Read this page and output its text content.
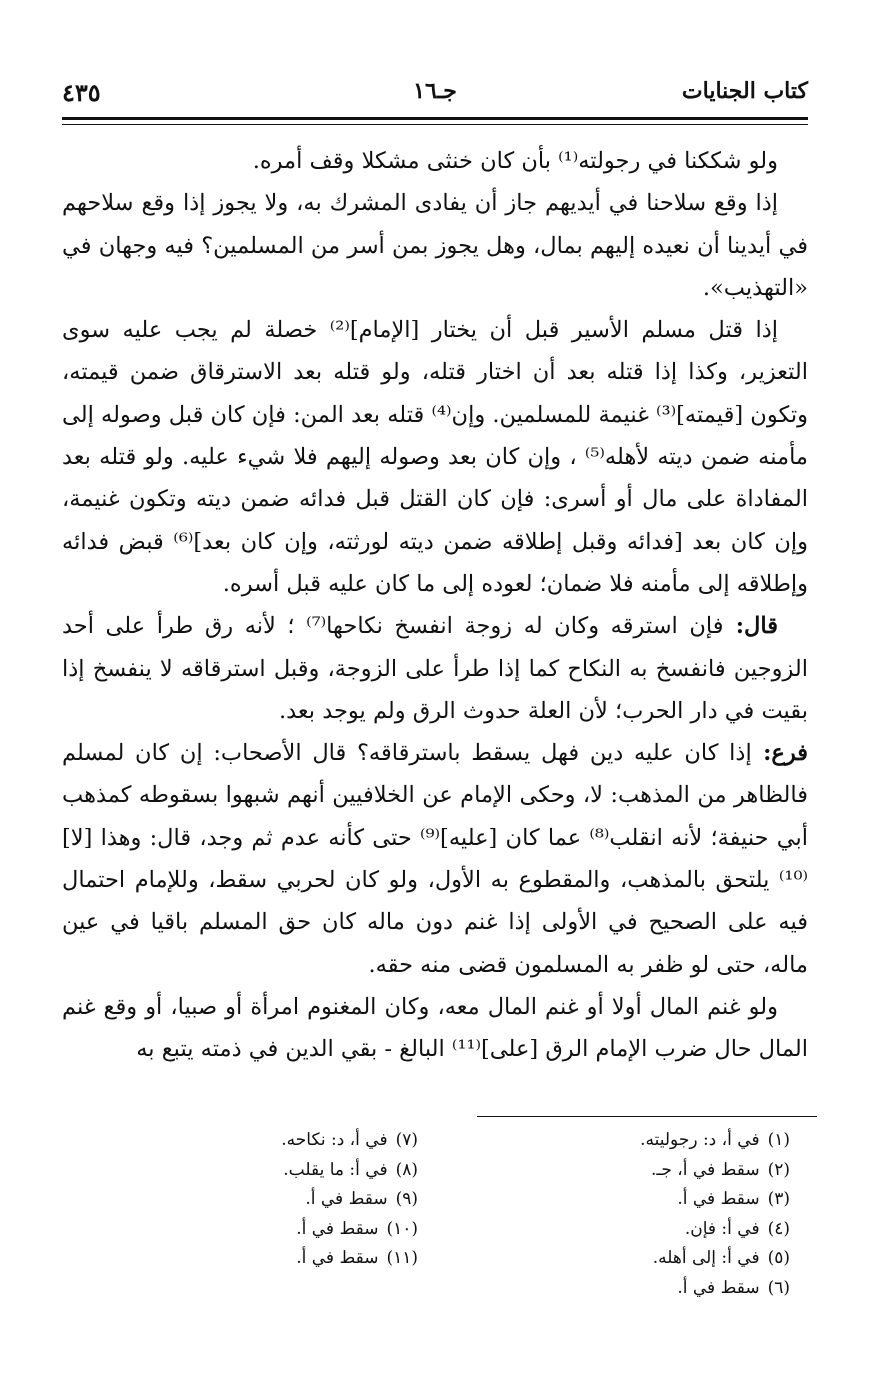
كتاب الجنايات
جـ١٦
٤٣٥

ولو شككنا في رجولته⁽¹⁾ بأن كان خنثى مشكلا وقف أمره.

إذا وقع سلاحنا في أيديهم جاز أن يفادى المشرك به، ولا يجوز إذا وقع سلاحهم في أيدينا أن نعيده إليهم بمال، وهل يجوز بمن أسر من المسلمين؟ فيه وجهان في «التهذيب».

إذا قتل مسلم الأسير قبل أن يختار [الإمام]⁽²⁾ خصلة لم يجب عليه سوى التعزير، وكذا إذا قتله بعد أن اختار قتله، ولو قتله بعد الاسترقاق ضمن قيمته، وتكون [قيمته]⁽³⁾ غنيمة للمسلمين. وإن⁽⁴⁾ قتله بعد المن: فإن كان قبل وصوله إلى مأمنه ضمن ديته لأهله⁽⁵⁾ ، وإن كان بعد وصوله إليهم فلا شيء عليه. ولو قتله بعد المفاداة على مال أو أسرى: فإن كان القتل قبل فدائه ضمن ديته وتكون غنيمة، وإن كان بعد [فدائه وقبل إطلاقه ضمن ديته لورثته، وإن كان بعد]⁽⁶⁾ قبض فدائه وإطلاقه إلى مأمنه فلا ضمان؛ لعوده إلى ما كان عليه قبل أسره.

قال: فإن استرقه وكان له زوجة انفسخ نكاحها⁽⁷⁾ ؛ لأنه رق طرأ على أحد الزوجين فانفسخ به النكاح كما إذا طرأ على الزوجة، وقبل استرقاقه لا ينفسخ إذا بقيت في دار الحرب؛ لأن العلة حدوث الرق ولم يوجد بعد.

فرع: إذا كان عليه دين فهل يسقط باسترقاقه؟ قال الأصحاب: إن كان لمسلم فالظاهر من المذهب: لا، وحكى الإمام عن الخلافيين أنهم شبهوا بسقوطه كمذهب أبي حنيفة؛ لأنه انقلب⁽⁸⁾ عما كان [عليه]⁽⁹⁾ حتى كأنه عدم ثم وجد، قال: وهذا [لا]⁽¹⁰⁾ يلتحق بالمذهب، والمقطوع به الأول، ولو كان لحربي سقط، وللإمام احتمال فيه على الصحيح في الأولى إذا غنم دون ماله كان حق المسلم باقيا في عين ماله، حتى لو ظفر به المسلمون قضى منه حقه.

ولو غنم المال أولا أو غنم المال معه، وكان المغنوم امرأة أو صبيا، أو وقع غنم المال حال ضرب الإمام الرق [على]⁽¹¹⁾ البالغ - بقي الدين في ذمته يتبع به

(١)في أ، د: رجوليته.
(٢)سقط في أ، جـ.
(٣)سقط في أ.
(٤)في أ: فإن.
(٥)في أ: إلى أهله.
(٦)سقط في أ.
(٧)في أ، د: نكاحه.
(٨)في أ: ما يقلب.
(٩)سقط في أ.
(١٠)سقط في أ.
(١١)سقط في أ.
